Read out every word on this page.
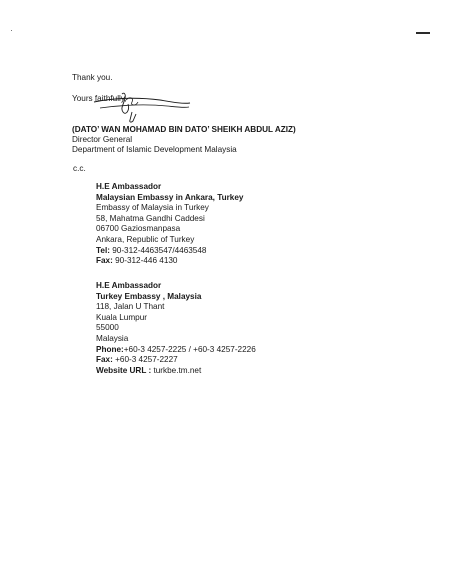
Thank you.
Yours faithfully,
(DATO’ WAN MOHAMAD BIN DATO’ SHEIKH ABDUL AZIZ)
Director General
Department of Islamic Development Malaysia
c.c.
H.E Ambassador
Malaysian Embassy in Ankara, Turkey
Embassy of Malaysia in Turkey
58, Mahatma Gandhi Caddesi
06700 Gaziosmanpasa
Ankara, Republic of Turkey
Tel: 90-312-4463547/4463548
Fax: 90-312-446 4130
H.E Ambassador
Turkey Embassy , Malaysia
118, Jalan U Thant
Kuala Lumpur
55000
Malaysia
Phone:+60-3 4257-2225 / +60-3 4257-2226
Fax: +60-3 4257-2227
Website URL : turkbe.tm.net
